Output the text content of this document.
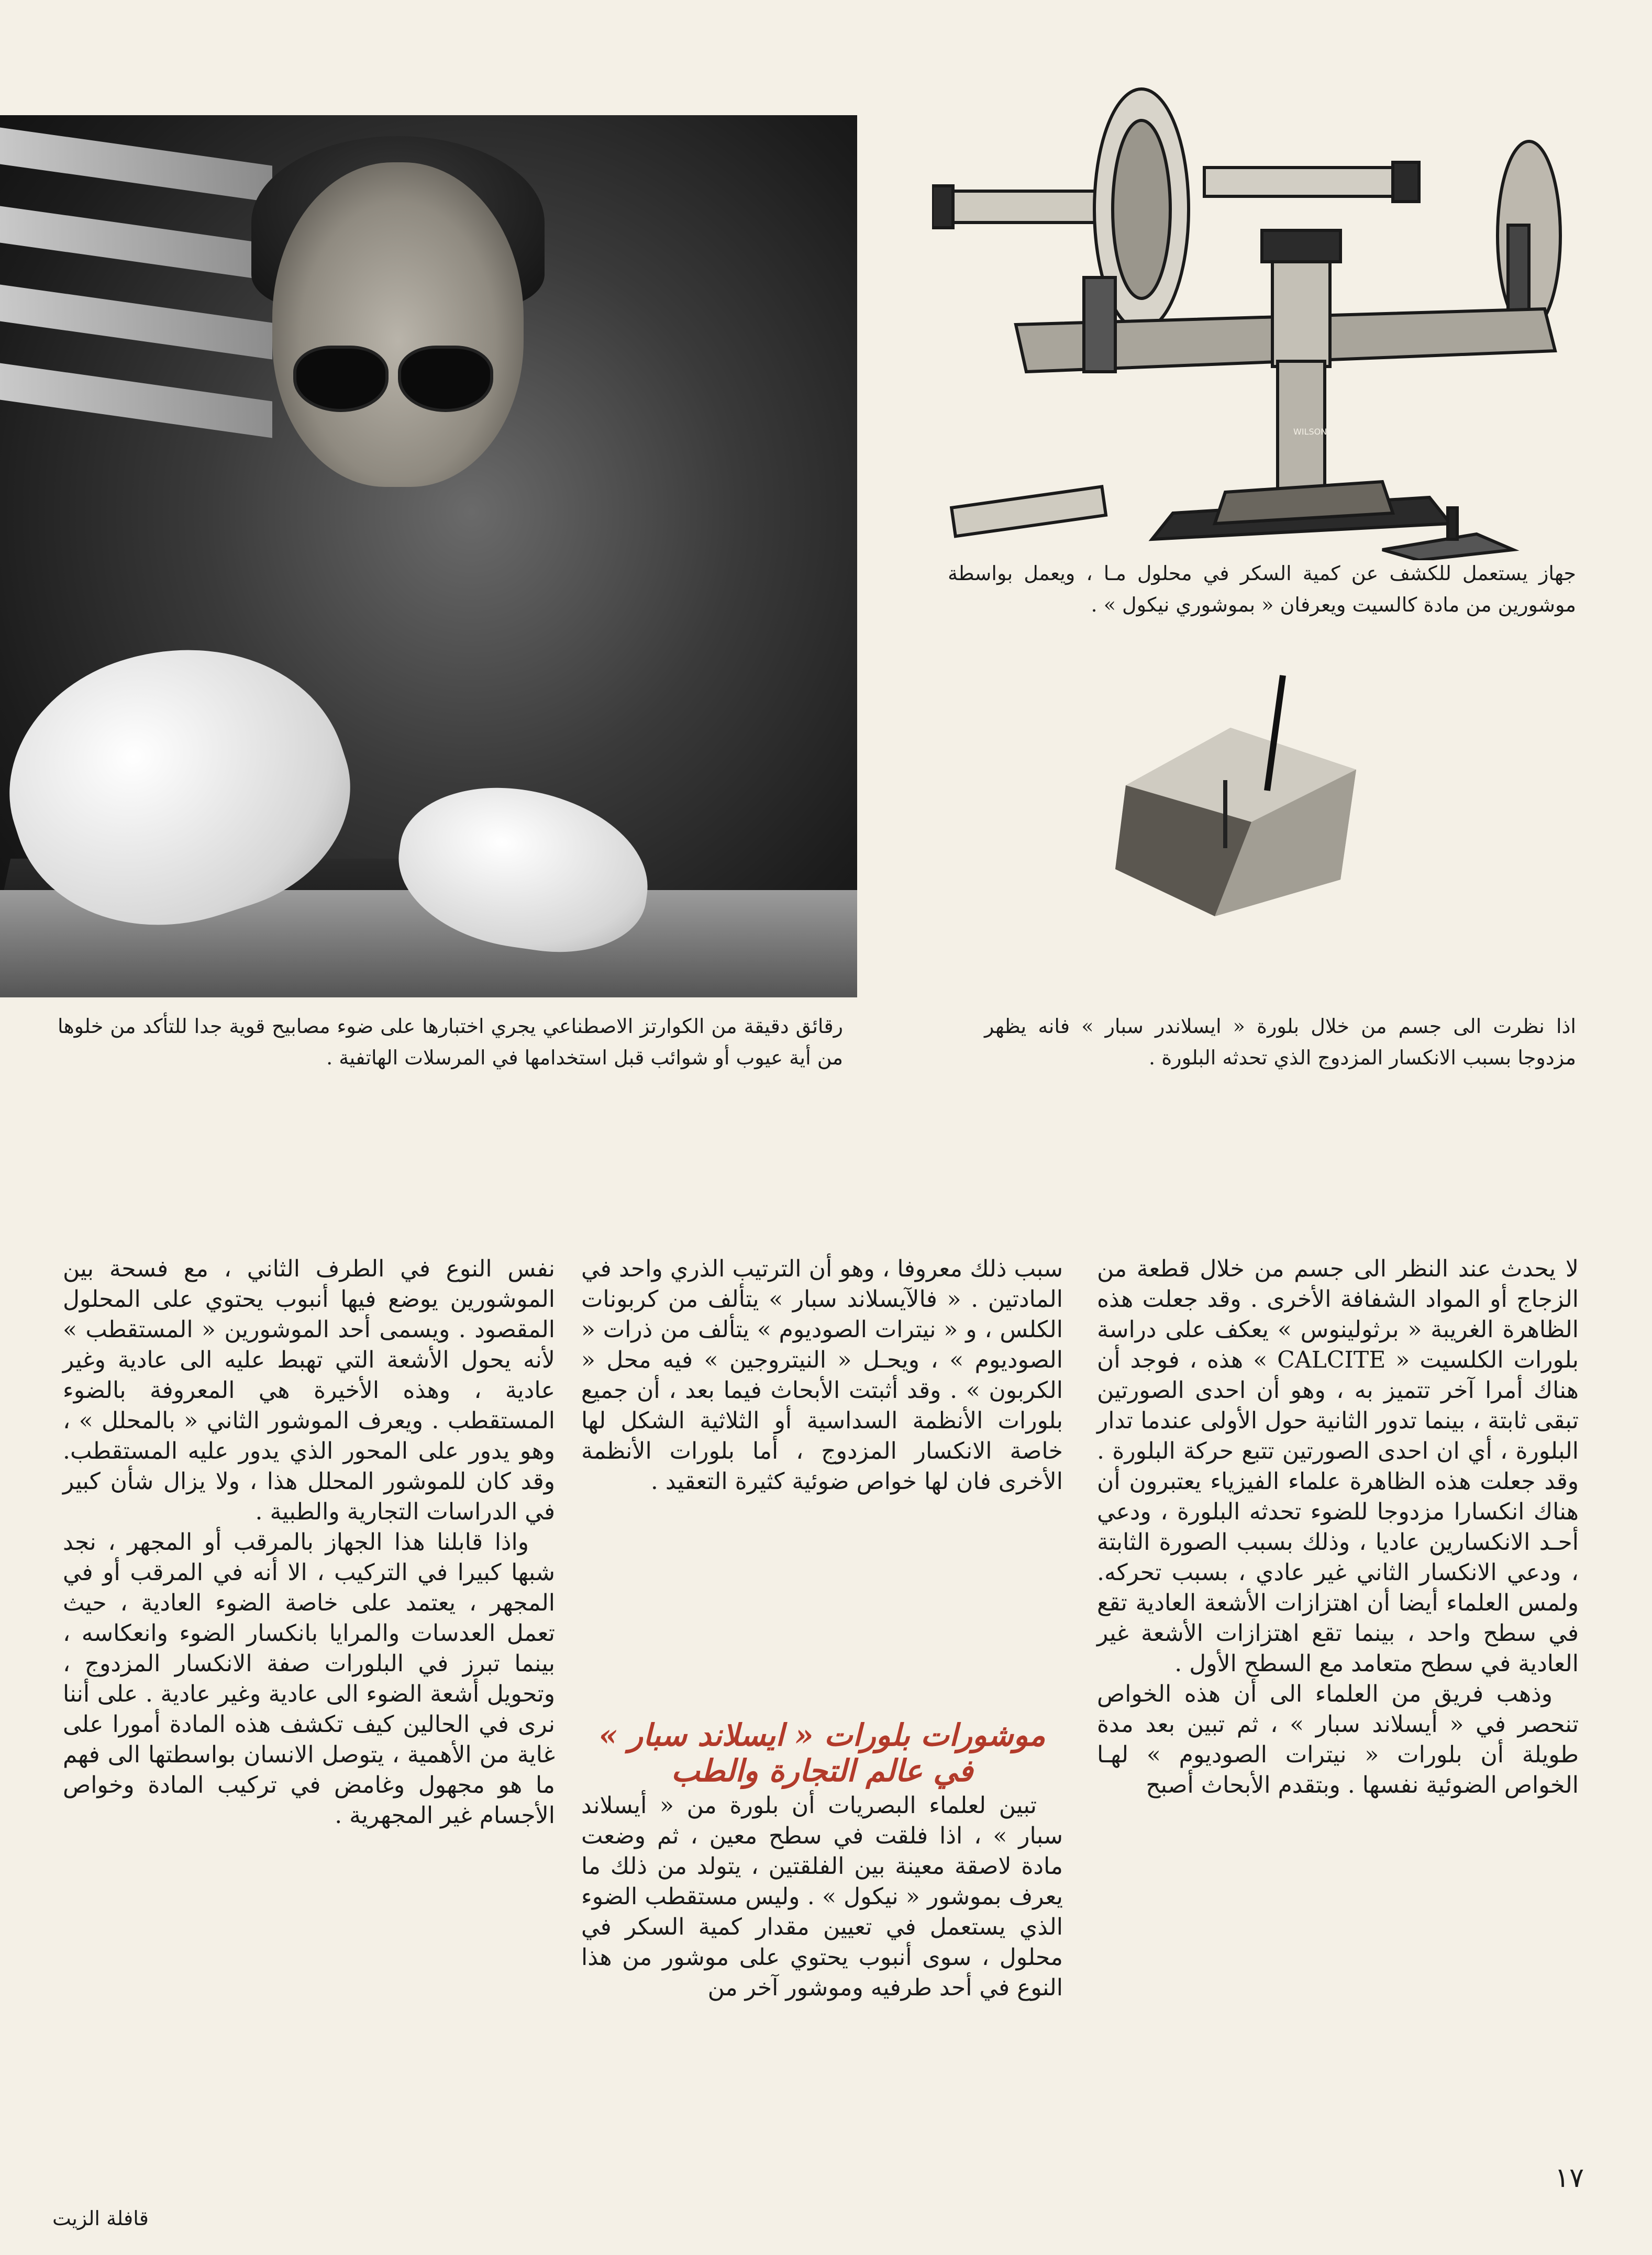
WILSON
LONDON
جهاز يستعمل للكشف عن كمية السكر في محلول مـا ، ويعمل بواسطة موشورين من مادة كالسيت ويعرفان « بموشوري نيكول » .
اذا نظرت الى جسم من خلال بلورة « ايسلاندر سبار » فانه يظهر مزدوجا بسبب الانكسار المزدوج الذي تحدثه البلورة .
رقائق دقيقة من الكوارتز الاصطناعي يجري اختبارها على ضوء مصابيح قوية جدا للتأكد من خلوها من أية عيوب أو شوائب قبل استخدامها في المرسلات الهاتفية .

لا يحدث عند النظر الى جسم من خلال قطعة من الزجاج أو المواد الشفافة الأخرى . وقد جعلت هذه الظاهرة الغريبة « برثولينوس » يعكف على دراسة بلورات الكلسيت « CALCITE » هذه ، فوجد أن هناك أمرا آخر تتميز به ، وهو أن احدى الصورتين تبقى ثابتة ، بينما تدور الثانية حول الأولى عندما تدار البلورة ، أي ان احدى الصورتين تتبع حركة البلورة . وقد جعلت هذه الظاهرة علماء الفيزياء يعتبرون أن هناك انكسارا مزدوجا للضوء تحدثه البلورة ، ودعي أحـد الانكسارين عاديا ، وذلك بسبب الصورة الثابتة ، ودعي الانكسار الثاني غير عادي ، بسبب تحركه. ولمس العلماء أيضا أن اهتزازات الأشعة العادية تقع في سطح واحد ، بينما تقع اهتزازات الأشعة غير العادية في سطح متعامد مع السطح الأول .

وذهب فريق من العلماء الى أن هذه الخواص تنحصر في « أيسلاند سبار » ، ثم تبين بعد مدة طويلة أن بلورات « نيترات الصوديوم » لهـا الخواص الضوئية نفسها . وبتقدم الأبحاث أصبح

سبب ذلك معروفا ، وهو أن الترتيب الذري واحد في المادتين . « فالآيسلاند سبار » يتألف من كربونات الكلس ، و « نيترات الصوديوم » يتألف من ذرات « الصوديوم » ، ويحـل « النيتروجين » فيه محل « الكربون » . وقد أثبتت الأبحاث فيما بعد ، أن جميع بلورات الأنظمة السداسية أو الثلاثية الشكل لها خاصة الانكسار المزدوج ، أما بلورات الأنظمة الأخرى فان لها خواص ضوئية كثيرة التعقيد .

موشورات بلورات « ايسلاند سبار » في عالم التجارة والطب

تبين لعلماء البصريات أن بلورة من « أيسلاند سبار » ، اذا فلقت في سطح معين ، ثم وضعت مادة لاصقة معينة بين الفلقتين ، يتولد من ذلك ما يعرف بموشور « نيكول » . وليس مستقطب الضوء الذي يستعمل في تعيين مقدار كمية السكر في محلول ، سوى أنبوب يحتوي على موشور من هذا النوع في أحد طرفيه وموشور آخر من

نفس النوع في الطرف الثاني ، مع فسحة بين الموشورين يوضع فيها أنبوب يحتوي على المحلول المقصود . ويسمى أحد الموشورين « المستقطب » لأنه يحول الأشعة التي تهبط عليه الى عادية وغير عادية ، وهذه الأخيرة هي المعروفة بالضوء المستقطب . ويعرف الموشور الثاني « بالمحلل » ، وهو يدور على المحور الذي يدور عليه المستقطب. وقد كان للموشور المحلل هذا ، ولا يزال شأن كبير في الدراسات التجارية والطبية .

واذا قابلنا هذا الجهاز بالمرقب أو المجهر ، نجد شبها كبيرا في التركيب ، الا أنه في المرقب أو في المجهر ، يعتمد على خاصة الضوء العادية ، حيث تعمل العدسات والمرايا بانكسار الضوء وانعكاسه ، بينما تبرز في البلورات صفة الانكسار المزدوج ، وتحويل أشعة الضوء الى عادية وغير عادية . على أننا نرى في الحالين كيف تكشف هذه المادة أمورا على غاية من الأهمية ، يتوصل الانسان بواسطتها الى فهم ما هو مجهول وغامض في تركيب المادة وخواص الأجسام غير المجهرية .

١٧
قافلة الزيت
